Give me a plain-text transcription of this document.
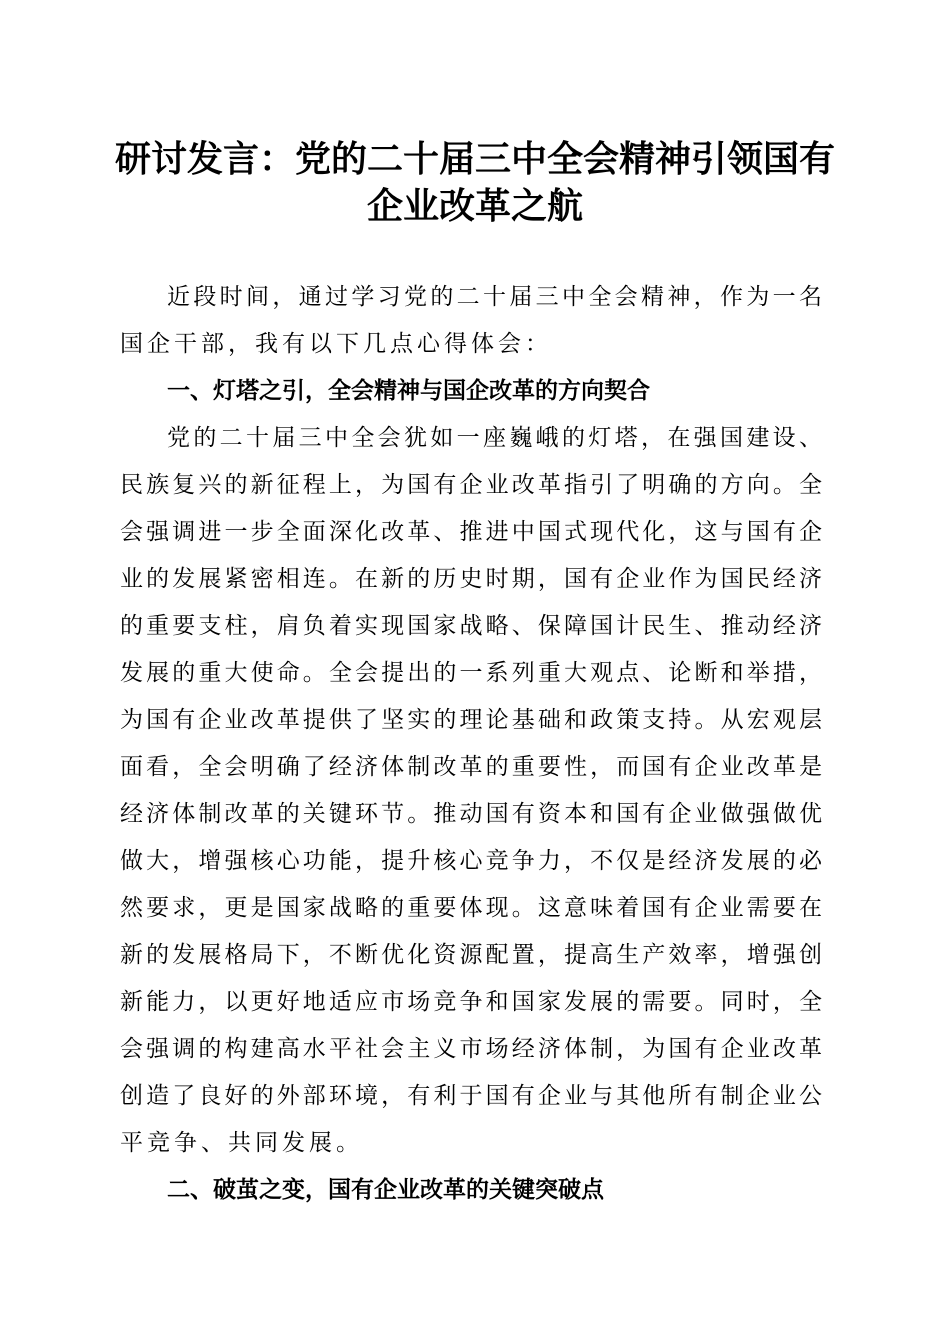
研讨发言：党的二十届三中全会精神引领国有
企业改革之航
近段时间，通过学习党的二十届三中全会精神，作为一名
国企干部，我有以下几点心得体会：
一、灯塔之引，全会精神与国企改革的方向契合
党的二十届三中全会犹如一座巍峨的灯塔，在强国建设、
民族复兴的新征程上，为国有企业改革指引了明确的方向。全
会强调进一步全面深化改革、推进中国式现代化，这与国有企
业的发展紧密相连。在新的历史时期，国有企业作为国民经济
的重要支柱，肩负着实现国家战略、保障国计民生、推动经济
发展的重大使命。全会提出的一系列重大观点、论断和举措，
为国有企业改革提供了坚实的理论基础和政策支持。从宏观层
面看，全会明确了经济体制改革的重要性，而国有企业改革是
经济体制改革的关键环节。推动国有资本和国有企业做强做优
做大，增强核心功能，提升核心竞争力，不仅是经济发展的必
然要求，更是国家战略的重要体现。这意味着国有企业需要在
新的发展格局下，不断优化资源配置，提高生产效率，增强创
新能力，以更好地适应市场竞争和国家发展的需要。同时，全
会强调的构建高水平社会主义市场经济体制，为国有企业改革
创造了良好的外部环境，有利于国有企业与其他所有制企业公
平竞争、共同发展。
二、破茧之变，国有企业改革的关键突破点
